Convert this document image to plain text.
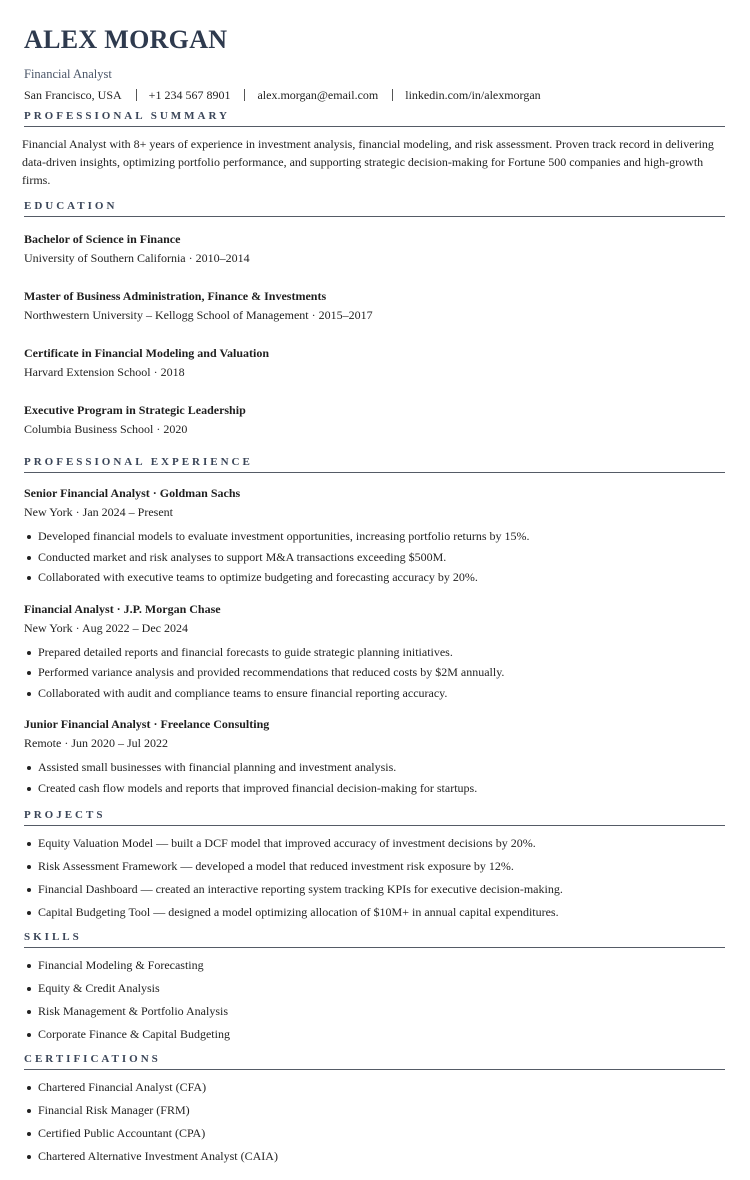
ALEX MORGAN
Financial Analyst
San Francisco, USA +1 234 567 8901 alex.morgan@email.com linkedin.com/in/alexmorgan
PROFESSIONAL SUMMARY
Financial Analyst with 8+ years of experience in investment analysis, financial modeling, and risk assessment. Proven track record in delivering data-driven insights, optimizing portfolio performance, and supporting strategic decision-making for Fortune 500 companies and high-growth firms.
EDUCATION
Bachelor of Science in Finance
University of Southern California · 2010–2014
Master of Business Administration, Finance & Investments
Northwestern University – Kellogg School of Management · 2015–2017
Certificate in Financial Modeling and Valuation
Harvard Extension School · 2018
Executive Program in Strategic Leadership
Columbia Business School · 2020
PROFESSIONAL EXPERIENCE
Senior Financial Analyst · Goldman Sachs
New York · Jan 2024 – Present
Developed financial models to evaluate investment opportunities, increasing portfolio returns by 15%.
Conducted market and risk analyses to support M&A transactions exceeding $500M.
Collaborated with executive teams to optimize budgeting and forecasting accuracy by 20%.
Financial Analyst · J.P. Morgan Chase
New York · Aug 2022 – Dec 2024
Prepared detailed reports and financial forecasts to guide strategic planning initiatives.
Performed variance analysis and provided recommendations that reduced costs by $2M annually.
Collaborated with audit and compliance teams to ensure financial reporting accuracy.
Junior Financial Analyst · Freelance Consulting
Remote · Jun 2020 – Jul 2022
Assisted small businesses with financial planning and investment analysis.
Created cash flow models and reports that improved financial decision-making for startups.
PROJECTS
Equity Valuation Model — built a DCF model that improved accuracy of investment decisions by 20%.
Risk Assessment Framework — developed a model that reduced investment risk exposure by 12%.
Financial Dashboard — created an interactive reporting system tracking KPIs for executive decision-making.
Capital Budgeting Tool — designed a model optimizing allocation of $10M+ in annual capital expenditures.
SKILLS
Financial Modeling & Forecasting
Equity & Credit Analysis
Risk Management & Portfolio Analysis
Corporate Finance & Capital Budgeting
CERTIFICATIONS
Chartered Financial Analyst (CFA)
Financial Risk Manager (FRM)
Certified Public Accountant (CPA)
Chartered Alternative Investment Analyst (CAIA)
